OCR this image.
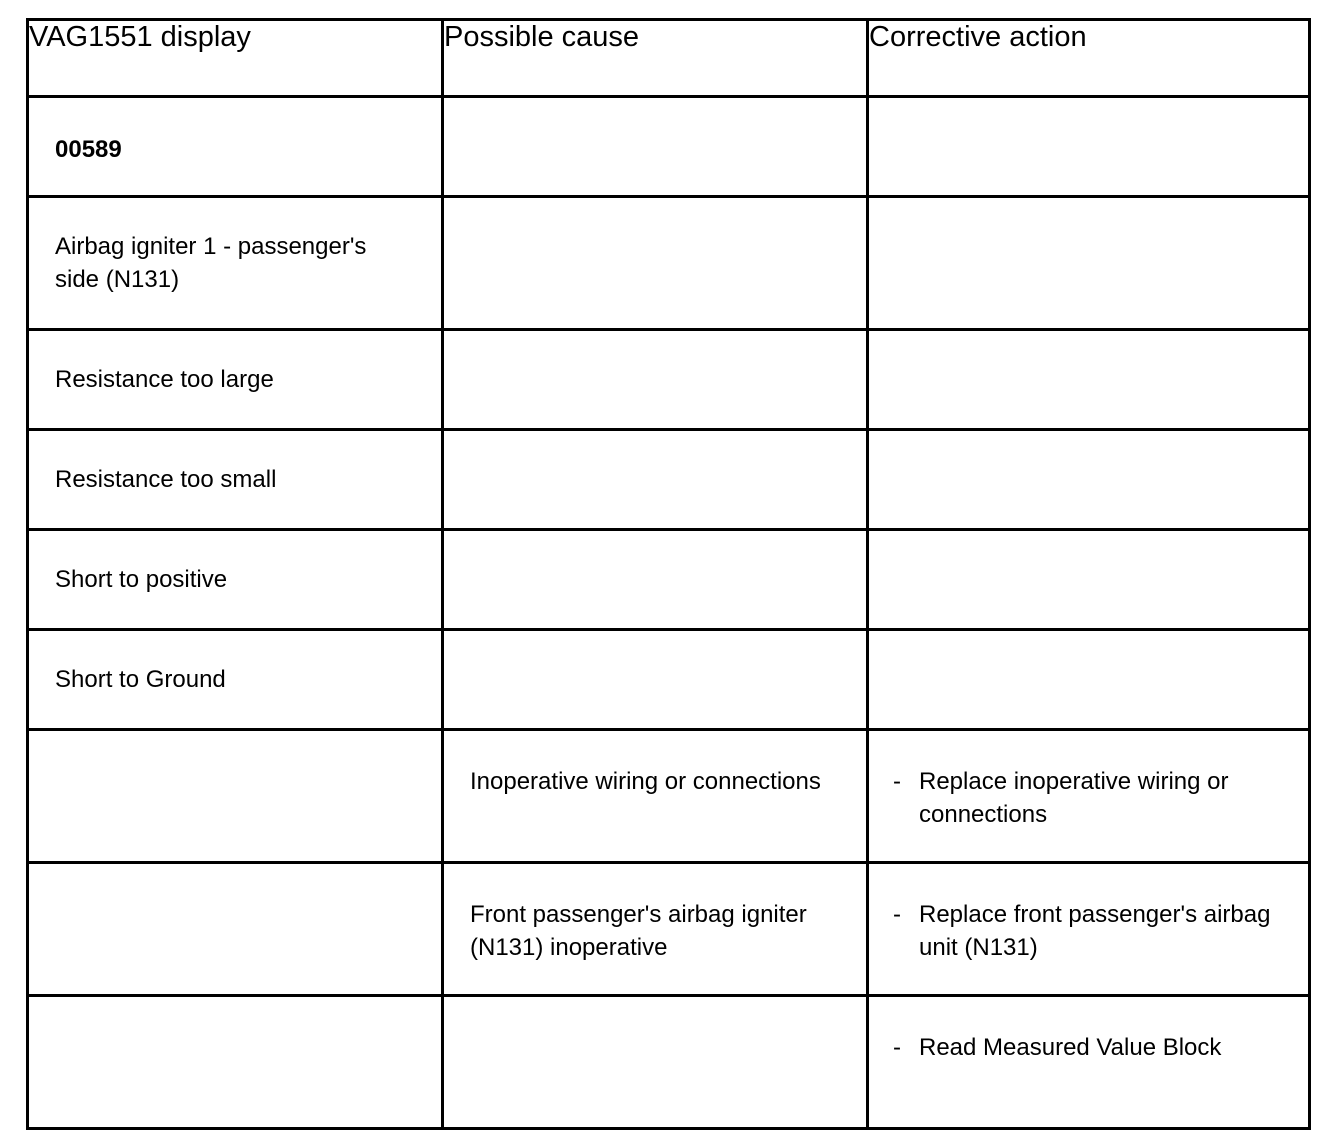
VAG1551 display	Possible cause	Corrective action

00589		

Airbag igniter 1 - passenger's side (N131)		

Resistance too large		

Resistance too small		

Short to positive		

Short to Ground		

	Inoperative wiring or connections	- Replace inoperative wiring or connections

	Front passenger's airbag igniter (N131) inoperative	- Replace front passenger's airbag unit (N131)

		- Read Measured Value Block
